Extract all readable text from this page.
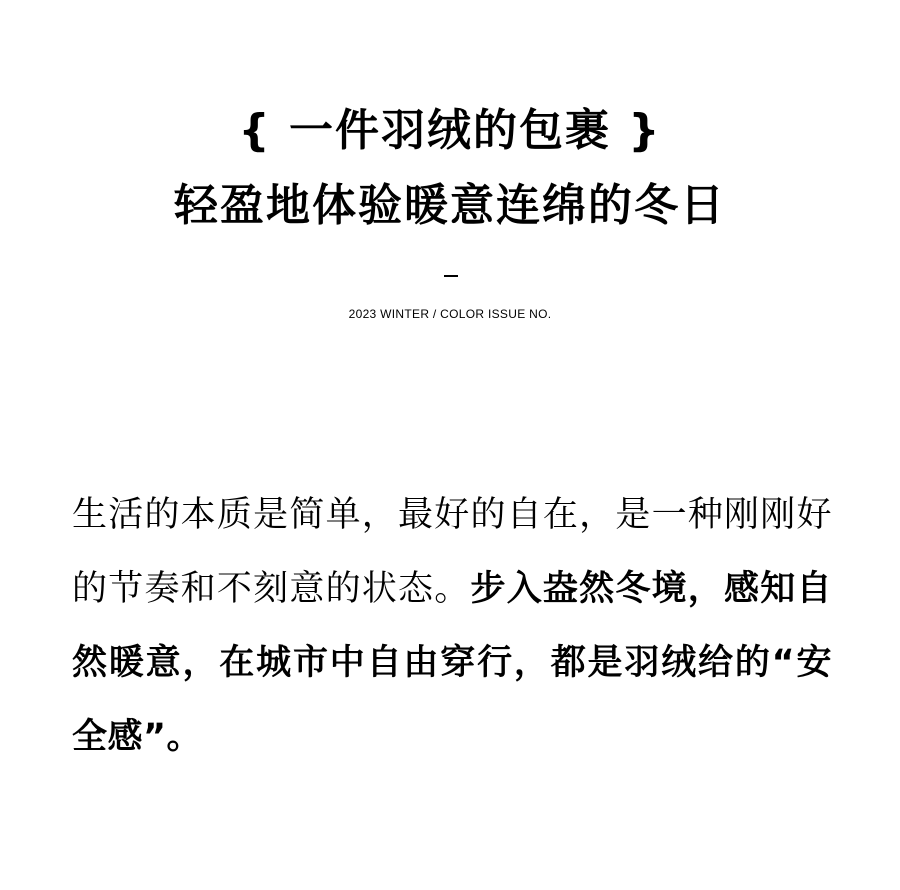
{ 一件羽绒的包裹 }
轻盈地体验暖意连绵的冬日
2023 WINTER / COLOR ISSUE NO.
生活的本质是简单，最好的自在，是一种刚刚好的节奏和不刻意的状态。步入盎然冬境，感知自然暖意，在城市中自由穿行，都是羽绒给的“安全感”。
